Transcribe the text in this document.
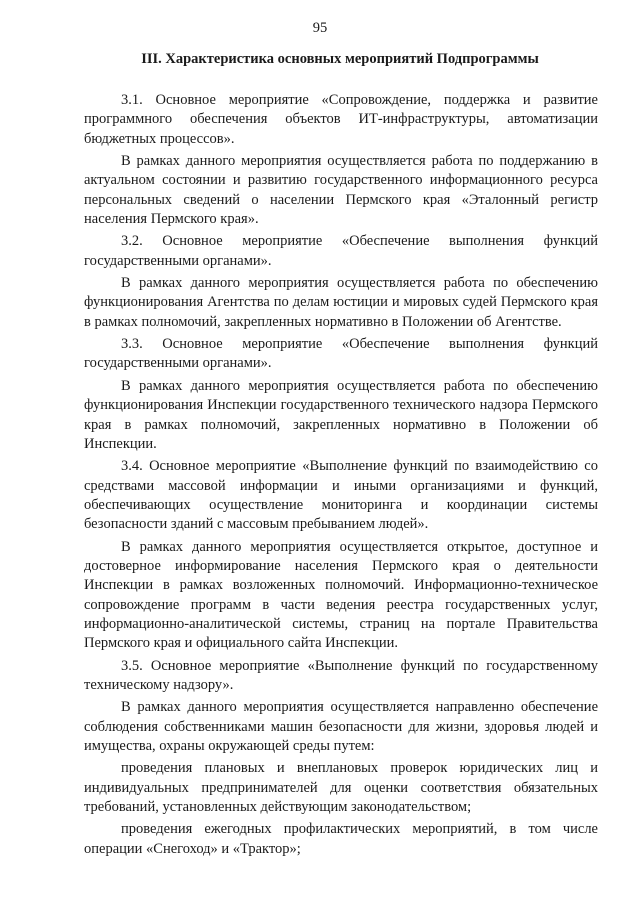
95
III. Характеристика основных мероприятий Подпрограммы

3.1. Основное мероприятие «Сопровождение, поддержка и развитие программного обеспечения объектов ИТ-инфраструктуры, автоматизации бюджетных процессов».

В рамках данного мероприятия осуществляется работа по поддержанию в актуальном состоянии и развитию государственного информационного ресурса персональных сведений о населении Пермского края «Эталонный регистр населения Пермского края».

3.2. Основное мероприятие «Обеспечение выполнения функций государственными органами».

В рамках данного мероприятия осуществляется работа по обеспечению функционирования Агентства по делам юстиции и мировых судей Пермского края в рамках полномочий, закрепленных нормативно в Положении об Агентстве.

3.3. Основное мероприятие «Обеспечение выполнения функций государственными органами».

В рамках данного мероприятия осуществляется работа по обеспечению функционирования Инспекции государственного технического надзора Пермского края в рамках полномочий, закрепленных нормативно в Положении об Инспекции.

3.4. Основное мероприятие «Выполнение функций по взаимодействию со средствами массовой информации и иными организациями и функций, обеспечивающих осуществление мониторинга и координации системы безопасности зданий с массовым пребыванием людей».

В рамках данного мероприятия осуществляется открытое, доступное и достоверное информирование населения Пермского края о деятельности Инспекции в рамках возложенных полномочий. Информационно-техническое сопровождение программ в части ведения реестра государственных услуг, информационно-аналитической системы, страниц на портале Правительства Пермского края и официального сайта Инспекции.

3.5. Основное мероприятие «Выполнение функций по государственному техническому надзору».

В рамках данного мероприятия осуществляется направленно обеспечение соблюдения собственниками машин безопасности для жизни, здоровья людей и имущества, охраны окружающей среды путем:

проведения плановых и внеплановых проверок юридических лиц и индивидуальных предпринимателей для оценки соответствия обязательных требований, установленных действующим законодательством;

проведения ежегодных профилактических мероприятий, в том числе операции «Снегоход» и «Трактор»;
